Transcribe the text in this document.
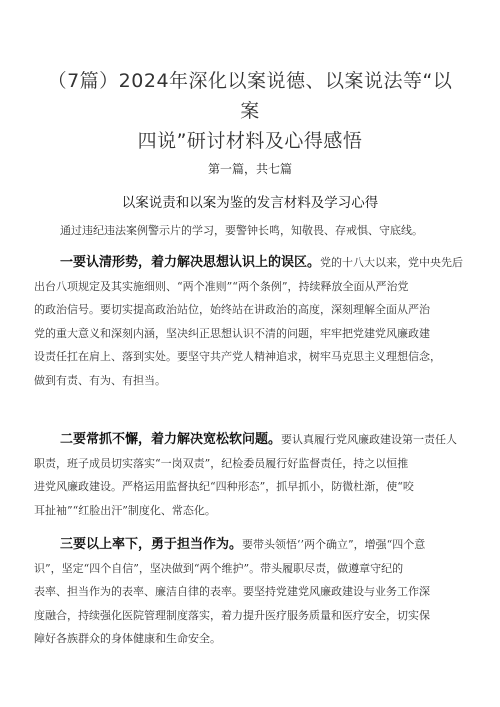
（7篇）2024年深化以案说德、以案说法等“以案
四说”研讨材料及心得感悟
第一篇，共七篇
以案说责和以案为鉴的发言材料及学习心得
通过违纪违法案例警示片的学习，要警钟长鸣，知敬畏、存戒惧、守底线。
一要认清形势，着力解决思想认识上的误区。党的十八大以来，党中央先后
出台八项规定及其实施细则、“两个准则”“两个条例”，持续释放全面从严治党
的政治信号。要切实提高政治站位，始终站在讲政治的高度，深刻理解全面从严治
党的重大意义和深刻内涵，坚决纠正思想认识不清的问题，牢牢把党建党风廉政建
设责任扛在肩上、落到实处。要坚守共产党人精神追求，树牢马克思主义理想信念，
做到有责、有为、有担当。
二要常抓不懈，着力解决宽松软问题。要认真履行党风廉政建设第一责任人
职责，班子成员切实落实“一岗双责”，纪检委员履行好监督责任，持之以恒推
进党风廉政建设。严格运用监督执纪“四种形态”，抓早抓小，防微杜渐，使“咬
耳扯袖”“红脸出汗”制度化、常态化。
三要以上率下，勇于担当作为。要带头领悟‘’两个确立”，增强“四个意
识”，坚定“四个自信”，坚决做到“两个维护”。带头履职尽责，做遵章守纪的
表率、担当作为的表率、廉洁自律的表率。要坚持党建党风廉政建设与业务工作深
度融合，持续强化医院管理制度落实，着力提升医疗服务质量和医疗安全，切实保
障好各族群众的身体健康和生命安全。
